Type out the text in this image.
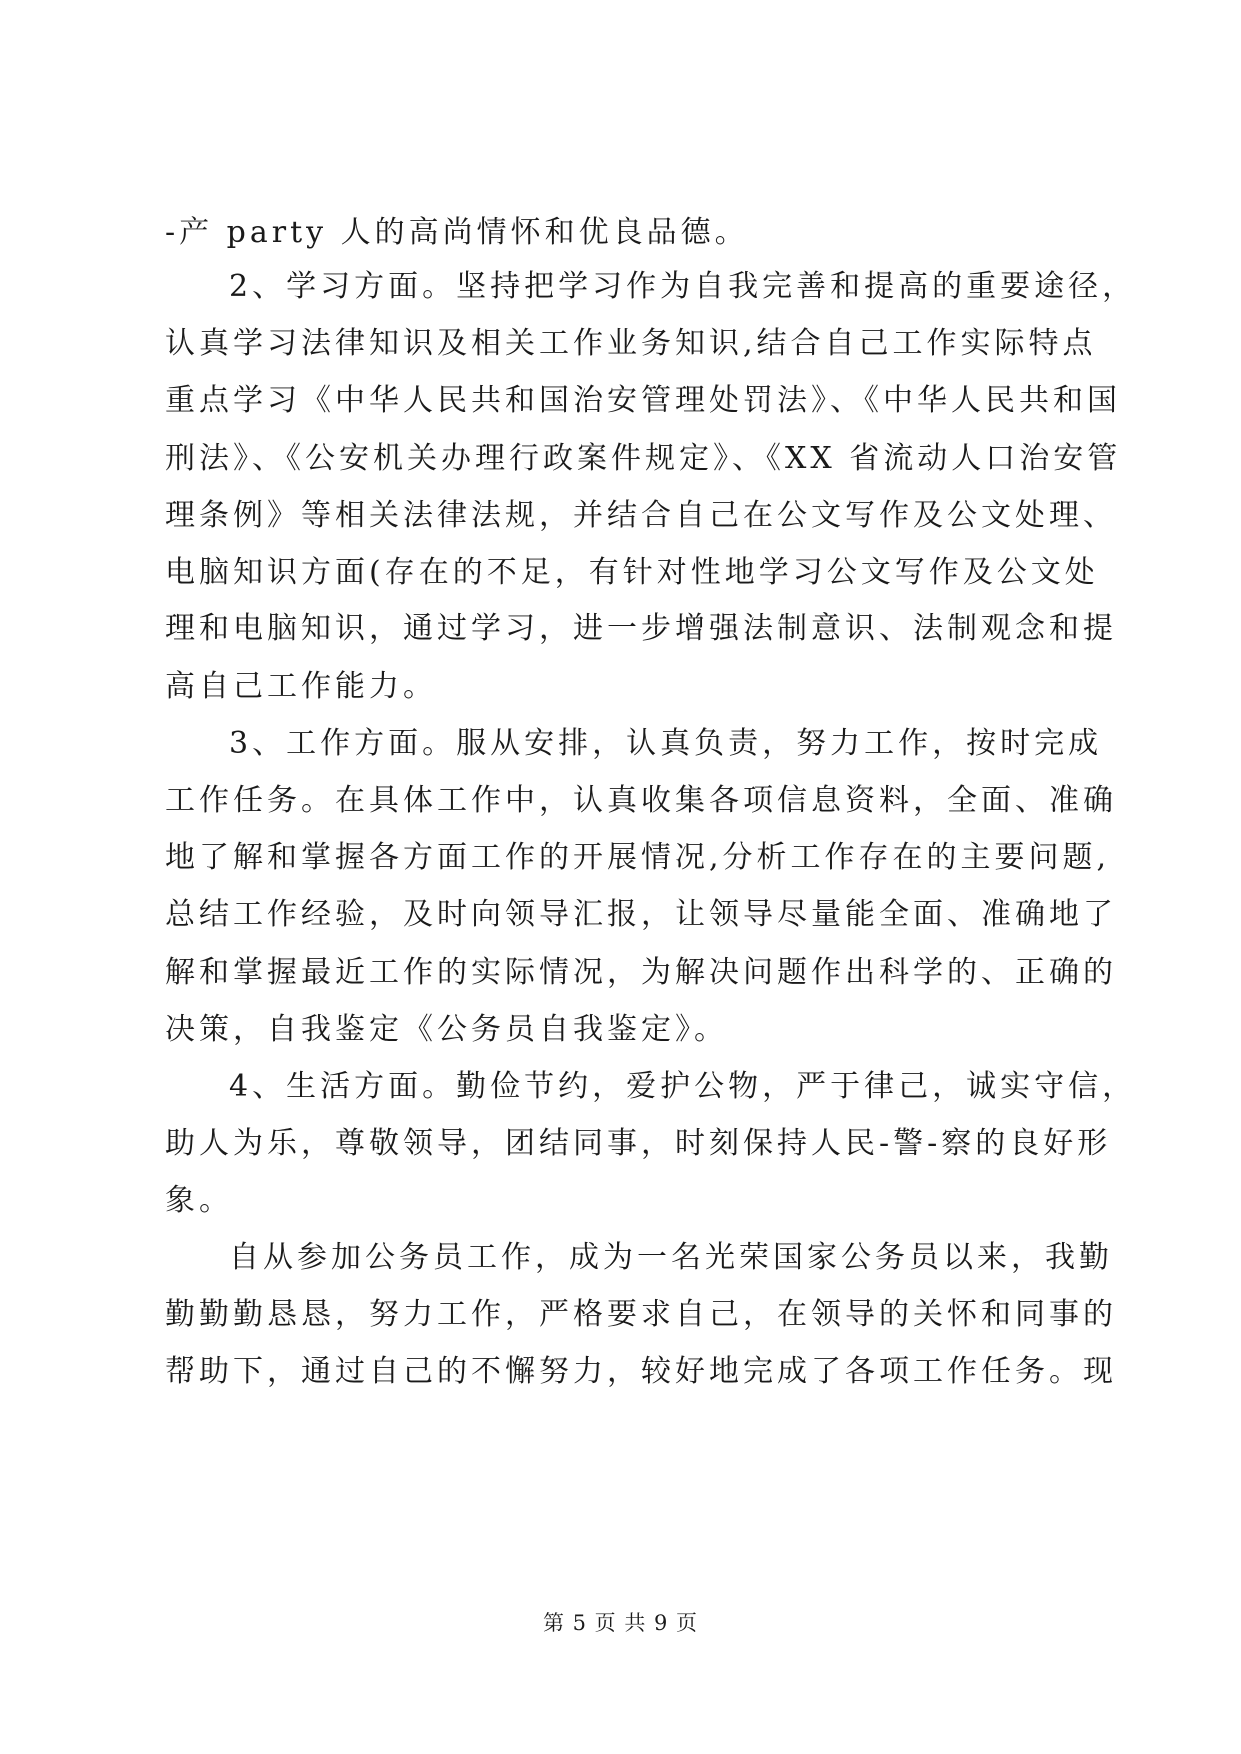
-产 party 人的高尚情怀和优良品德。
2、学习方面。坚持把学习作为自我完善和提高的重要途径，
认真学习法律知识及相关工作业务知识,结合自己工作实际特点
重点学习《中华人民共和国治安管理处罚法》、《中华人民共和国
刑法》、《公安机关办理行政案件规定》、《XX 省流动人口治安管
理条例》等相关法律法规，并结合自己在公文写作及公文处理、
电脑知识方面(存在的不足，有针对性地学习公文写作及公文处
理和电脑知识，通过学习，进一步增强法制意识、法制观念和提
高自己工作能力。
3、工作方面。服从安排，认真负责，努力工作，按时完成
工作任务。在具体工作中，认真收集各项信息资料，全面、准确
地了解和掌握各方面工作的开展情况,分析工作存在的主要问题,
总结工作经验，及时向领导汇报，让领导尽量能全面、准确地了
解和掌握最近工作的实际情况，为解决问题作出科学的、正确的
决策，自我鉴定《公务员自我鉴定》。
4、生活方面。勤俭节约，爱护公物，严于律己，诚实守信，
助人为乐，尊敬领导，团结同事，时刻保持人民-警-察的良好形
象。
自从参加公务员工作，成为一名光荣国家公务员以来，我勤
勤勤勤恳恳，努力工作，严格要求自己，在领导的关怀和同事的
帮助下，通过自己的不懈努力，较好地完成了各项工作任务。现
第 5 页 共 9 页
